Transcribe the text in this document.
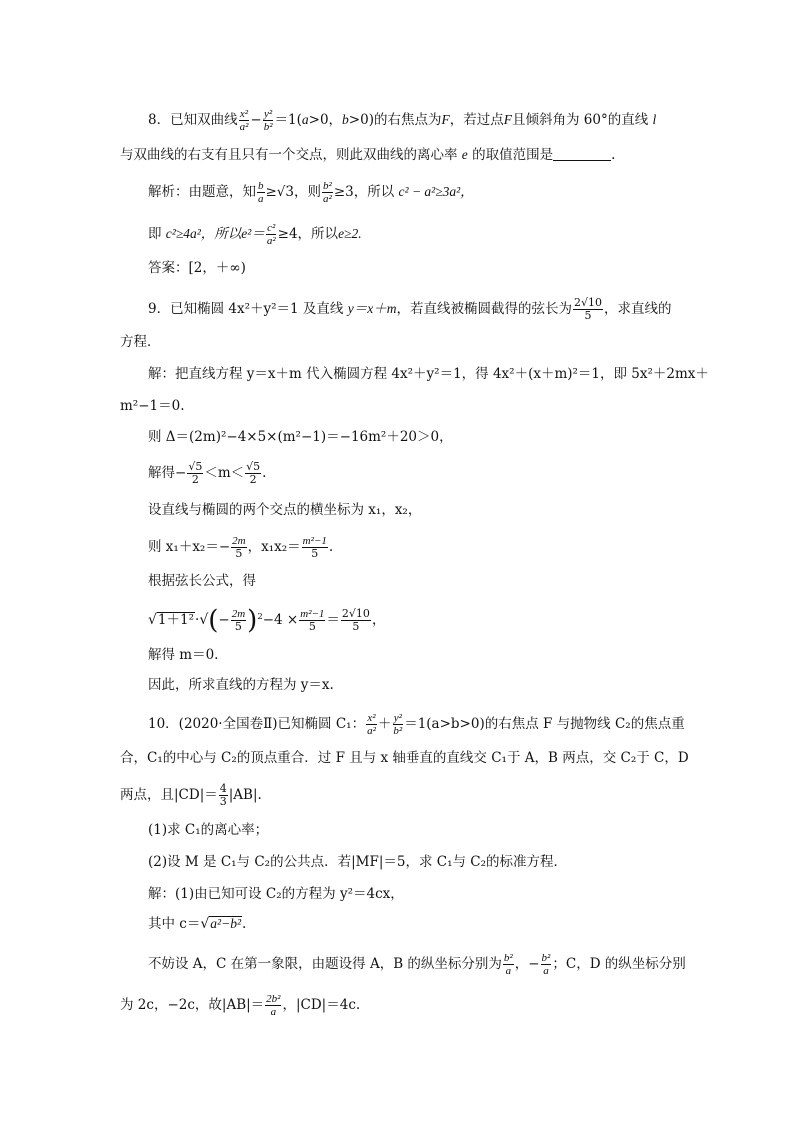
8．已知双曲线 $\frac{\text{x²}}{\text{a²}} - \frac{\text{y²}}{\text{b²}} =1(a>0$，b>0)的右焦点为F，若过点F且倾斜角为 60°的直线 l
与双曲线的右支有且只有一个交点，则此双曲线的离心率 e 的取值范围是	.
解析：由题意，知 $\frac{b}{a} \ge√3$，则 $\frac{\text{b²}}{\text{a²}} \ge 3$，所以 c² − a²≥3a²，
即 c²≥4a²，所以$e^2= \frac{\text{c²}}{\text{a²}} \ge 4$，所以e≥2.
答案：[2，＋∞)
9．已知椭圆 4x²＋y²＝1 及直线 y＝x＋m，若直线被椭圆截得的弦长为 $\frac{2√10}{5}$ ，求直线的
方程．
解：把直线方程 y＝x＋m 代入椭圆方程 4x²＋y²＝1，得 4x²＋(x＋m)²＝1，即 5x²＋2mx＋
m²−1＝0.
则 Δ＝(2m)²−4×5×(m²−1)＝−16m²＋20＞0，
解得− $\frac{√5}{2} <m< \frac{√5}{2}$ .
设直线与椭圆的两个交点的横坐标为 x₁，x₂，
则 $x_1+x_2=- \frac{2m}{5}$ ，$x_1x_2= \frac{\text{m²−1}}{5}$ .
根据弦长公式，得
$√1+1^2\cdot√(- \frac{2m}{5} )^2-4 \times \frac{\text{m²−1}}{5} = \frac{2√10}{5}$ ，
解得 m＝0.
因此，所求直线的方程为 y＝x.
10．(2020·全国卷Ⅱ)已知椭圆 C₁： $\frac{\text{x²}}{\text{a²}} + \frac{\text{y²}}{\text{b²}} =1(a>b>0)$的右焦点 F 与抛物线 C₂的焦点重
合，C₁的中心与 C₂的顶点重合．过 F 且与 x 轴垂直的直线交 C₁于 A，B 两点，交 C₂于 C，D
两点，且$|CD|= \frac{4}{3} |AB|$.
(1)求 C₁的离心率；
(2)设 M 是 C₁与 C₂的公共点．若|MF|＝5，求 C₁与 C₂的标准方程．
解：(1)由已知可设 C₂的方程为 y²＝4cx，
其中 c＝√a²−b².
不妨设 A，C 在第一象限，由题设得 A，B 的纵坐标分别为 $\frac{\text{b²}}{a}$ ，− $\frac{\text{b²}}{a}$ ；C，D 的纵坐标分别
为 2c，−2c，故$|AB|= \frac{\text{2b²}}{a}$ ，|CD|＝4c.
